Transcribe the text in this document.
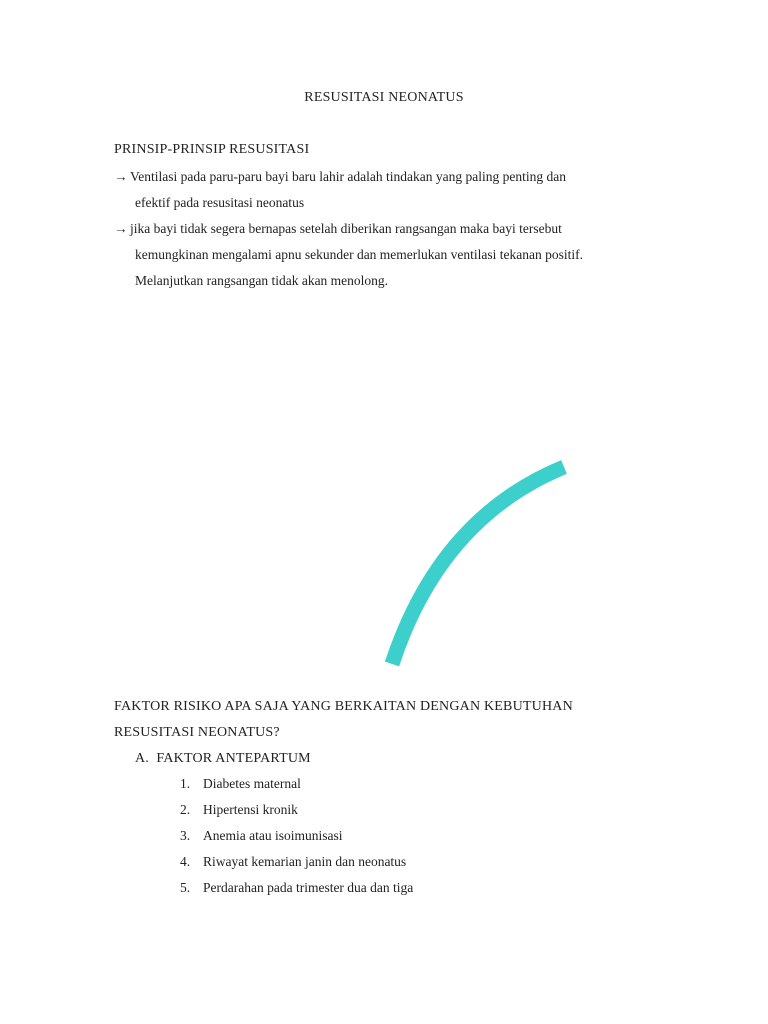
RESUSITASI NEONATUS
PRINSIP-PRINSIP RESUSITASI
→ Ventilasi pada paru-paru bayi baru lahir adalah tindakan yang paling penting dan
efektif pada resusitasi neonatus
→ jika bayi tidak segera bernapas setelah diberikan rangsangan maka bayi tersebut
kemungkinan mengalami apnu sekunder dan memerlukan ventilasi tekanan positif.
Melanjutkan rangsangan tidak akan menolong.
FAKTOR RISIKO APA SAJA YANG BERKAITAN DENGAN KEBUTUHAN
RESUSITASI NEONATUS?
A. FAKTOR ANTEPARTUM
1. Diabetes maternal
2. Hipertensi kronik
3. Anemia atau isoimunisasi
4. Riwayat kemarian janin dan neonatus
5. Perdarahan pada trimester dua dan tiga
